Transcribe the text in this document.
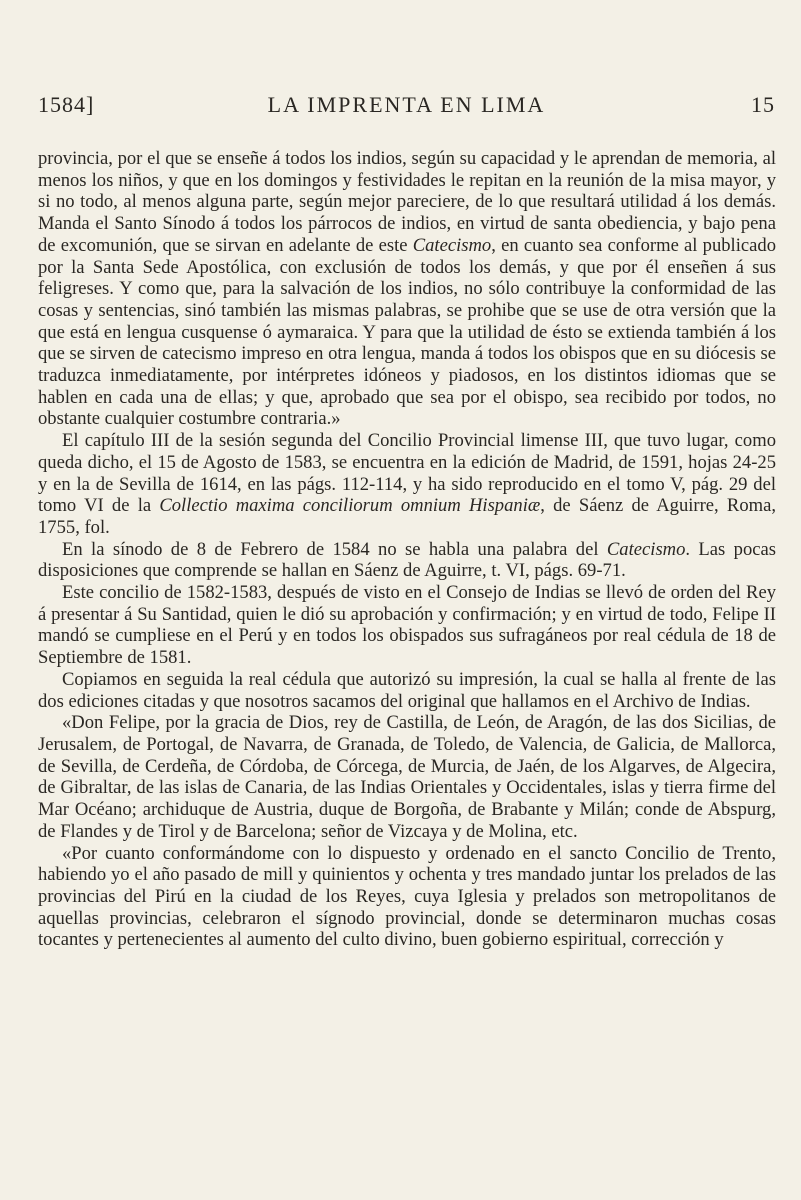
1584]	LA IMPRENTA EN LIMA	15

provincia, por el que se enseñe á todos los indios, según su capacidad y le aprendan de memoria, al menos los niños, y que en los domingos y festividades le repitan en la reunión de la misa mayor, y si no todo, al menos alguna parte, según mejor pareciere, de lo que resultará utilidad á los demás. Manda el Santo Sínodo á todos los párrocos de indios, en virtud de santa obediencia, y bajo pena de excomunión, que se sirvan en adelante de este Catecismo, en cuanto sea conforme al publicado por la Santa Sede Apostólica, con exclusión de todos los demás, y que por él enseñen á sus feligreses. Y como que, para la salvación de los indios, no sólo contribuye la conformidad de las cosas y sentencias, sinó también las mismas palabras, se prohibe que se use de otra versión que la que está en lengua cusquense ó aymaraica. Y para que la utilidad de ésto se extienda también á los que se sirven de catecismo impreso en otra lengua, manda á todos los obispos que en su diócesis se traduzca inmediatamente, por intérpretes idóneos y piadosos, en los distintos idiomas que se hablen en cada una de ellas; y que, aprobado que sea por el obispo, sea recibido por todos, no obstante cualquier costumbre contraria.»

El capítulo III de la sesión segunda del Concilio Provincial limense III, que tuvo lugar, como queda dicho, el 15 de Agosto de 1583, se encuentra en la edición de Madrid, de 1591, hojas 24-25 y en la de Sevilla de 1614, en las págs. 112-114, y ha sido reproducido en el tomo V, pág. 29 del tomo VI de la Collectio maxima conciliorum omnium Hispaniæ, de Sáenz de Aguirre, Roma, 1755, fol.

En la sínodo de 8 de Febrero de 1584 no se habla una palabra del Catecismo. Las pocas disposiciones que comprende se hallan en Sáenz de Aguirre, t. VI, págs. 69-71.

Este concilio de 1582-1583, después de visto en el Consejo de Indias se llevó de orden del Rey á presentar á Su Santidad, quien le dió su aprobación y confirmación; y en virtud de todo, Felipe II mandó se cumpliese en el Perú y en todos los obispados sus sufragáneos por real cédula de 18 de Septiembre de 1581.

Copiamos en seguida la real cédula que autorizó su impresión, la cual se halla al frente de las dos ediciones citadas y que nosotros sacamos del original que hallamos en el Archivo de Indias.

«Don Felipe, por la gracia de Dios, rey de Castilla, de León, de Aragón, de las dos Sicilias, de Jerusalem, de Portogal, de Navarra, de Granada, de Toledo, de Valencia, de Galicia, de Mallorca, de Sevilla, de Cerdeña, de Córdoba, de Córcega, de Murcia, de Jaén, de los Algarves, de Algecira, de Gibraltar, de las islas de Canaria, de las Indias Orientales y Occidentales, islas y tierra firme del Mar Océano; archiduque de Austria, duque de Borgoña, de Brabante y Milán; conde de Abspurg, de Flandes y de Tirol y de Barcelona; señor de Vizcaya y de Molina, etc.

«Por cuanto conformándome con lo dispuesto y ordenado en el sancto Concilio de Trento, habiendo yo el año pasado de mill y quinientos y ochenta y tres mandado juntar los prelados de las provincias del Pirú en la ciudad de los Reyes, cuya Iglesia y prelados son metropolitanos de aquellas provincias, celebraron el sígnodo provincial, donde se determinaron muchas cosas tocantes y pertenecientes al aumento del culto divino, buen gobierno espiritual, corrección y
